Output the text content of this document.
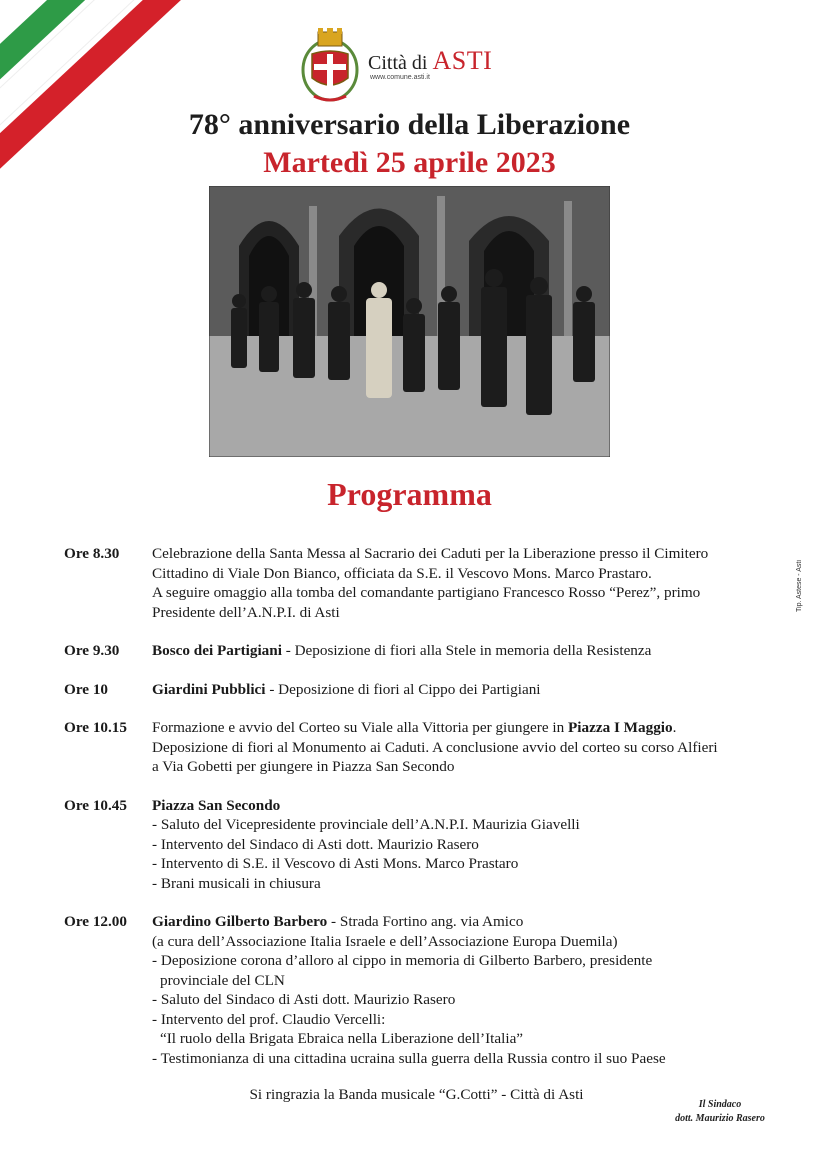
Città di ASTI
www.comune.asti.it
78° anniversario della Liberazione
Martedì 25 aprile 2023
Programma
Tip. Astese - Asti
Ore 8.30	Celebrazione della Santa Messa al Sacrario dei Caduti per la Liberazione presso il Cimitero
Cittadino di Viale Don Bianco, officiata da S.E. il Vescovo Mons. Marco Prastaro.
A seguire omaggio alla tomba del comandante partigiano Francesco Rosso “Perez”, primo
Presidente dell’A.N.P.I. di Asti
Ore 9.30	Bosco dei Partigiani - Deposizione di fiori alla Stele in memoria della Resistenza
Ore 10	Giardini Pubblici - Deposizione di fiori al Cippo dei Partigiani
Ore 10.15	Formazione e avvio del Corteo su Viale alla Vittoria per giungere in Piazza I Maggio.
Deposizione di fiori al Monumento ai Caduti. A conclusione avvio del corteo su corso Alfieri
a Via Gobetti per giungere in Piazza San Secondo
Ore 10.45	Piazza San Secondo
- Saluto del Vicepresidente provinciale dell’A.N.P.I. Maurizia Giavelli
- Intervento del Sindaco di Asti dott. Maurizio Rasero
- Intervento di S.E. il Vescovo di Asti Mons. Marco Prastaro
- Brani musicali in chiusura
Ore 12.00	Giardino Gilberto Barbero - Strada Fortino ang. via Amico
(a cura dell’Associazione Italia Israele e dell’Associazione Europa Duemila)
- Deposizione corona d’alloro al cippo in memoria di Gilberto Barbero, presidente
provinciale del CLN
- Saluto del Sindaco di Asti dott. Maurizio Rasero
- Intervento del prof. Claudio Vercelli:
“Il ruolo della Brigata Ebraica nella Liberazione dell’Italia”
- Testimonianza di una cittadina ucraina sulla guerra della Russia contro il suo Paese
Si ringrazia la Banda musicale “G.Cotti” - Città di Asti
Il Sindaco
dott. Maurizio Rasero
